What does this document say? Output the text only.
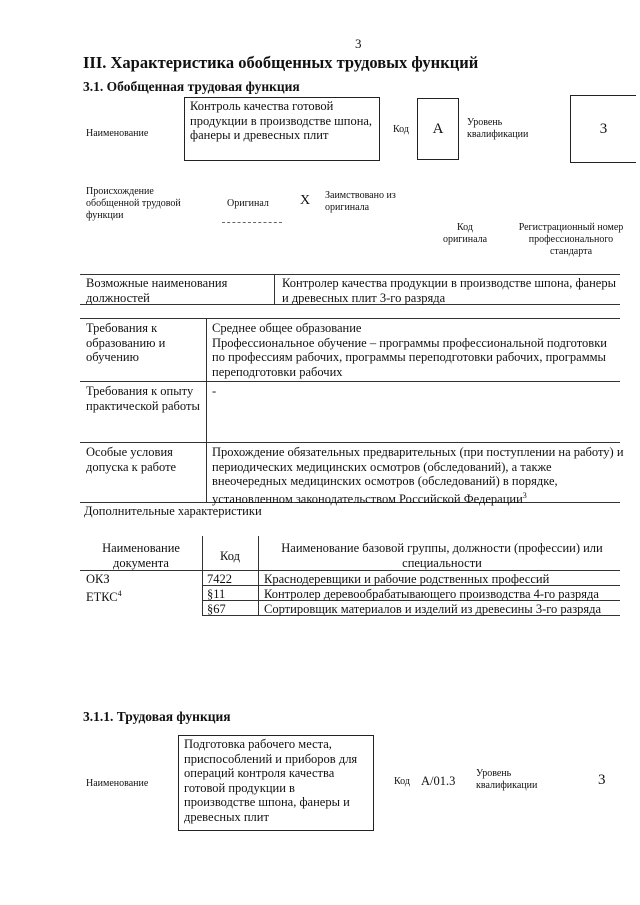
3
III. Характеристика обобщенных трудовых функций
3.1. Обобщенная трудовая функция
Наименование
Контроль качества готовой продукции в производстве шпона, фанеры и древесных плит	Код A Уровень квалификации	3
Происхождение обобщенной трудовой функции
Оригинал X Заимствовано из оригинала
Код оригинала
Регистрационный номер профессионального стандарта
Возможные наименования должностей
Контролер качества продукции в производстве шпона, фанеры и древесных плит 3-го разряда
Требования к образованию и обучению
Среднее общее образование
Профессиональное обучение – программы профессиональной подготовки по профессиям рабочих, программы переподготовки рабочих, программы переподготовки рабочих
Требования к опыту практической работы
-
Особые условия допуска к работе
Прохождение обязательных предварительных (при поступлении на работу) и периодических медицинских осмотров (обследований), а также внеочередных медицинских осмотров (обследований) в порядке, установленном законодательством Российской Федерации$^3$
Дополнительные характеристики
Наименование документа	Код
Наименование базовой группы, должности (профессии) или специальности
ОКЗ	7422	Краснодеревщики и рабочие родственных профессий
ЕТКС$^4$	§11	Контролер деревообрабатывающего производства 4-го разряда
§67	Сортировщик материалов и изделий из древесины 3-го разряда
3.1.1. Трудовая функция
Наименование
Подготовка рабочего места, приспособлений и приборов для операций контроля качества готовой продукции в производстве шпона, фанеры и древесных плит
Код A/01.3
Уровень квалификации	3
